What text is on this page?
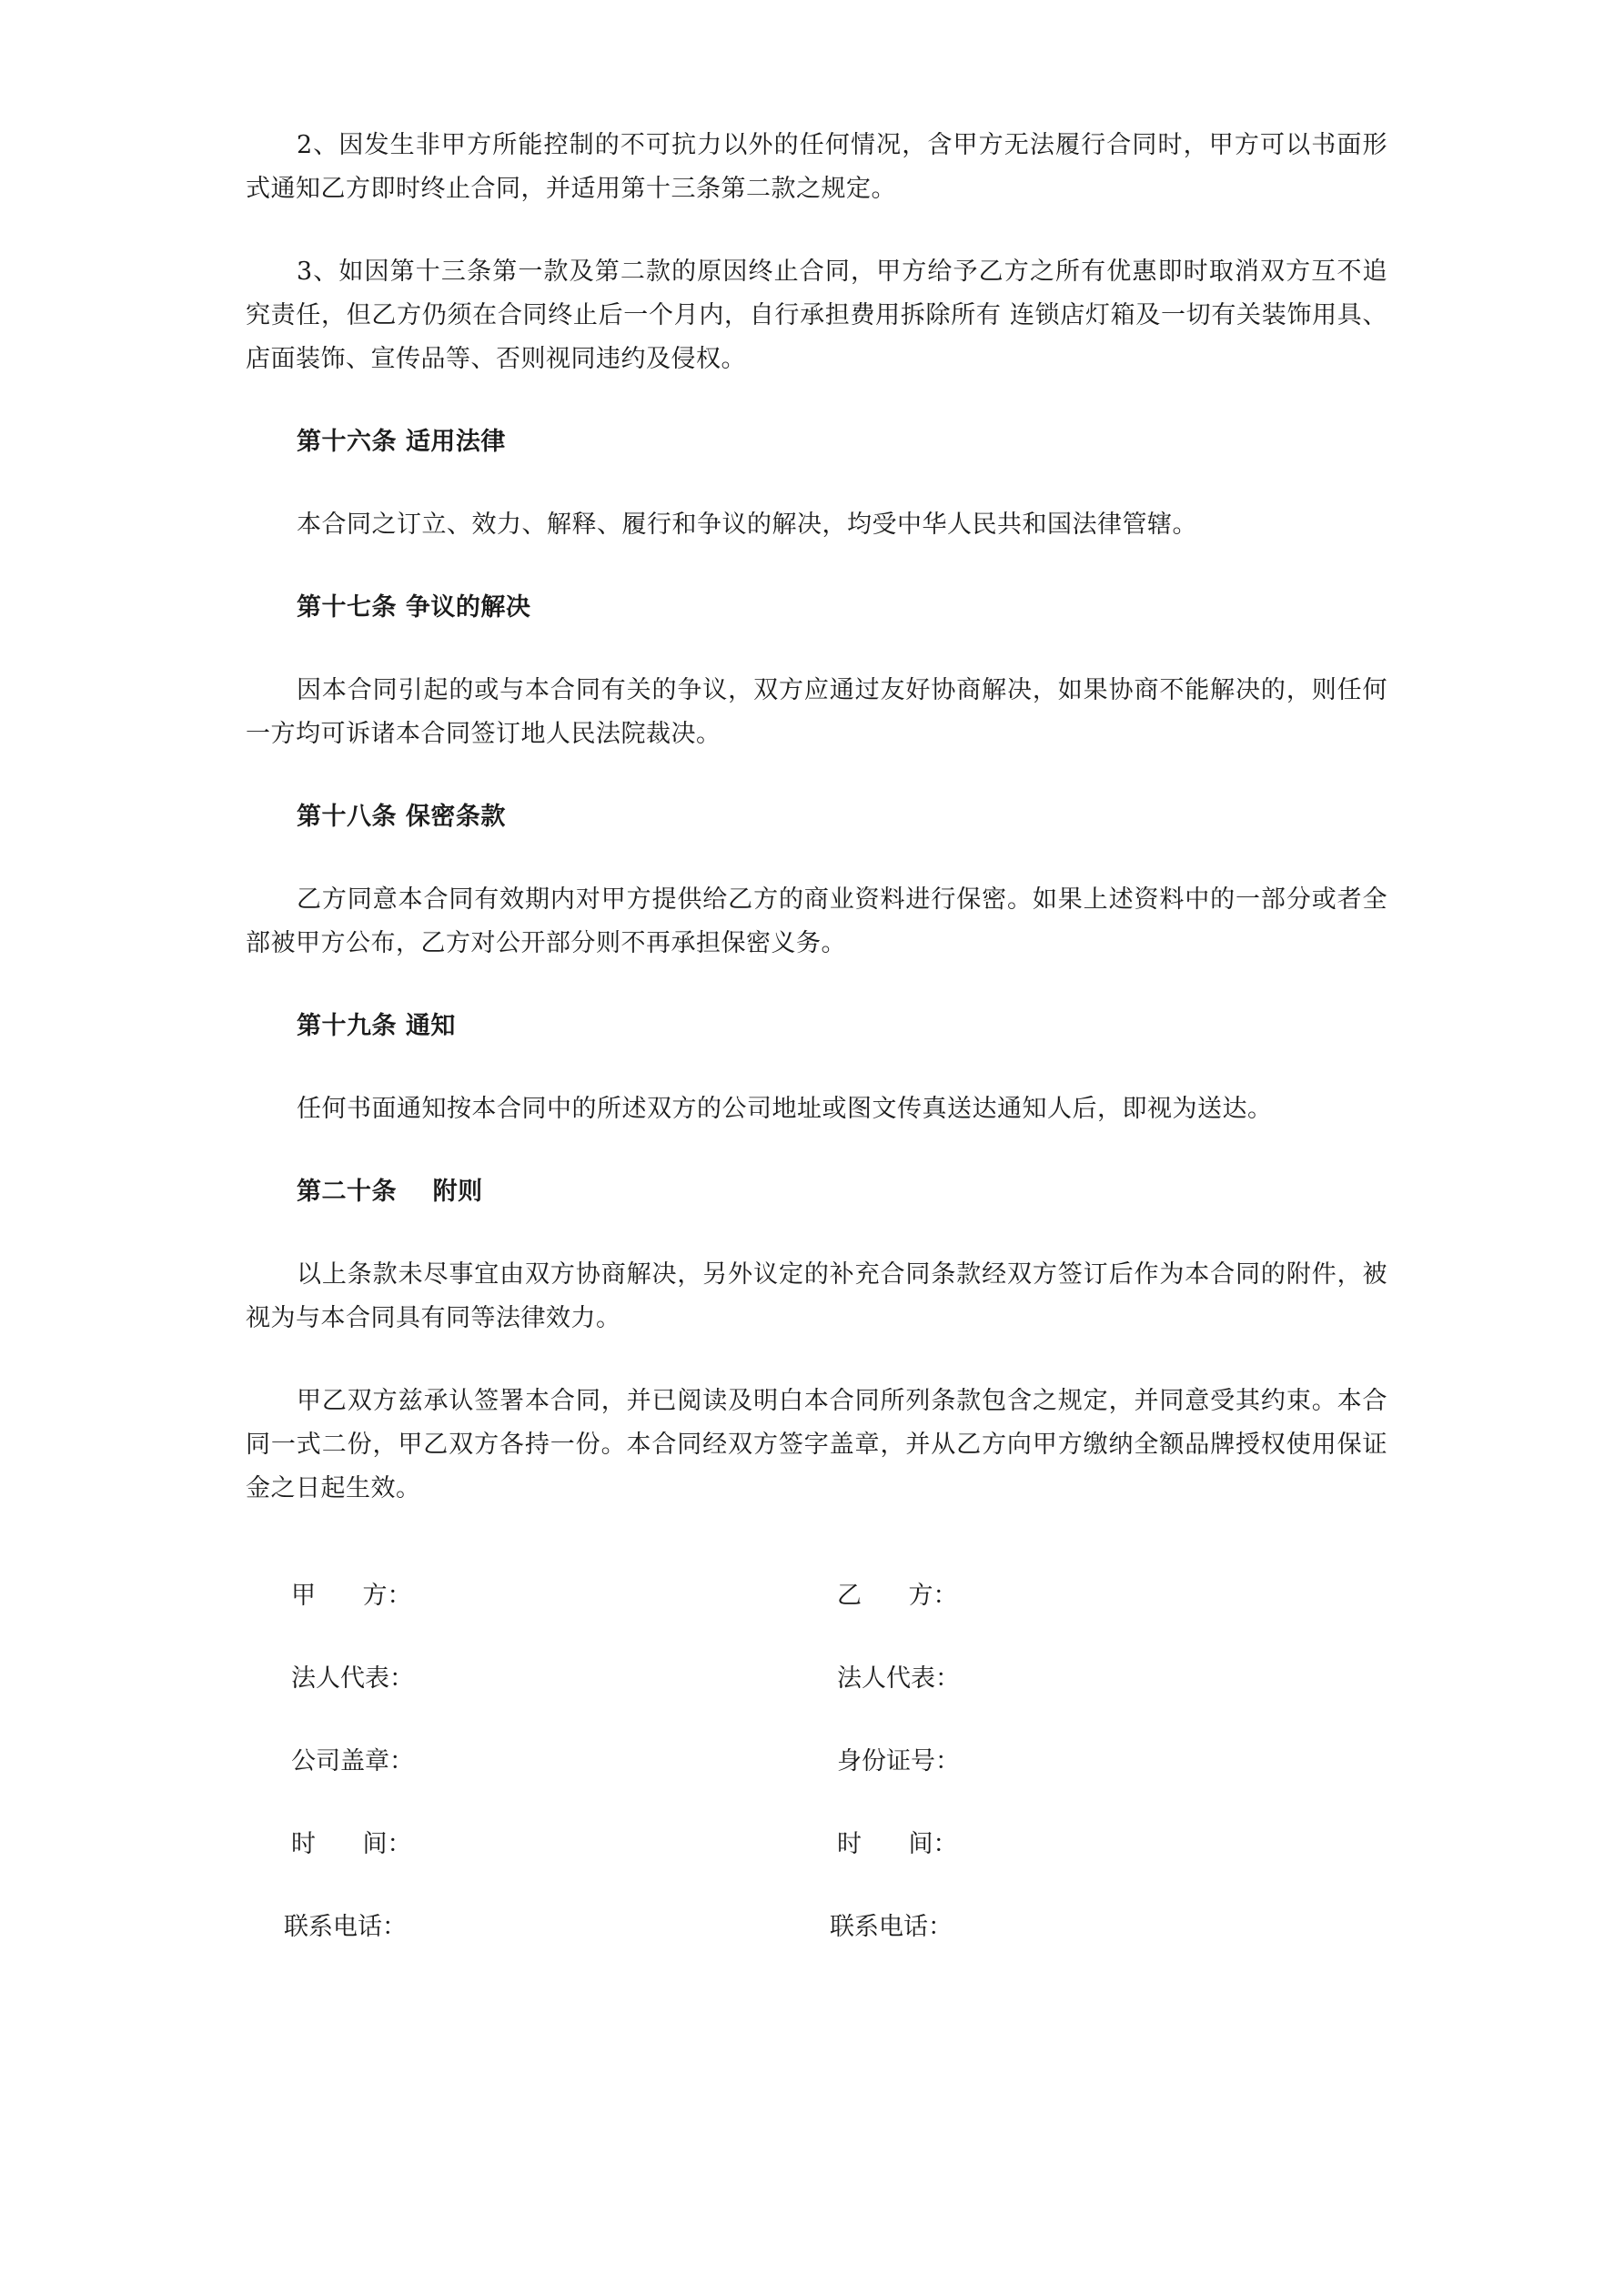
2、因发生非甲方所能控制的不可抗力以外的任何情况，含甲方无法履行合同时，甲方可以书面形式通知乙方即时终止合同，并适用第十三条第二款之规定。

3、如因第十三条第一款及第二款的原因终止合同，甲方给予乙方之所有优惠即时取消双方互不追究责任，但乙方仍须在合同终止后一个月内，自行承担费用拆除所有 连锁店灯箱及一切有关装饰用具、店面装饰、宣传品等、否则视同违约及侵权。

第十六条 适用法律

本合同之订立、效力、解释、履行和争议的解决，均受中华人民共和国法律管辖。

第十七条 争议的解决

因本合同引起的或与本合同有关的争议，双方应通过友好协商解决，如果协商不能解决的，则任何一方均可诉诸本合同签订地人民法院裁决。

第十八条 保密条款

乙方同意本合同有效期内对甲方提供给乙方的商业资料进行保密。如果上述资料中的一部分或者全部被甲方公布，乙方对公开部分则不再承担保密义务。

第十九条 通知

任何书面通知按本合同中的所述双方的公司地址或图文传真送达通知人后，即视为送达。

第二十条    附则

以上条款未尽事宜由双方协商解决，另外议定的补充合同条款经双方签订后作为本合同的附件，被视为与本合同具有同等法律效力。

甲乙双方兹承认签署本合同，并已阅读及明白本合同所列条款包含之规定，并同意受其约束。本合同一式二份，甲乙双方各持一份。本合同经双方签字盖章，并从乙方向甲方缴纳全额品牌授权使用保证金之日起生效。

甲      方：	乙      方：
法人代表：	法人代表：
公司盖章：	身份证号：
时      间：	时      间：
联系电话：	联系电话：
